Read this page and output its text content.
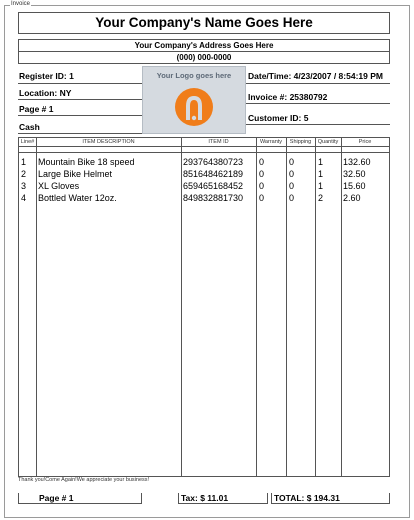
Invoice
Your Company's Name Goes Here
Your Company's Address Goes Here
(000) 000-0000
Register ID: 1
Location: NY
Page # 1
Cash
Your Logo goes here	Date/Time: 4/23/2007 / 8:54:19 PM
Invoice #: 25380792
Customer ID: 5
Line#	ITEM DESCRIPTION	ITEM ID	Warranty	Shipping	Quantity	Price
1 Mountain Bike 18 speed	293764380723 0	0	1 132.60
2 Large Bike Helmet	851648462189 0	0	1 32.50
3 XL Gloves	659465168452 0	0	1 15.60
4 Bottled Water 12oz.	849832881730 0	0	2 2.60
Thank you!Come Again!We appreciate your business!
Page # 1	Tax: $ 11.01	TOTAL: $ 194.31
